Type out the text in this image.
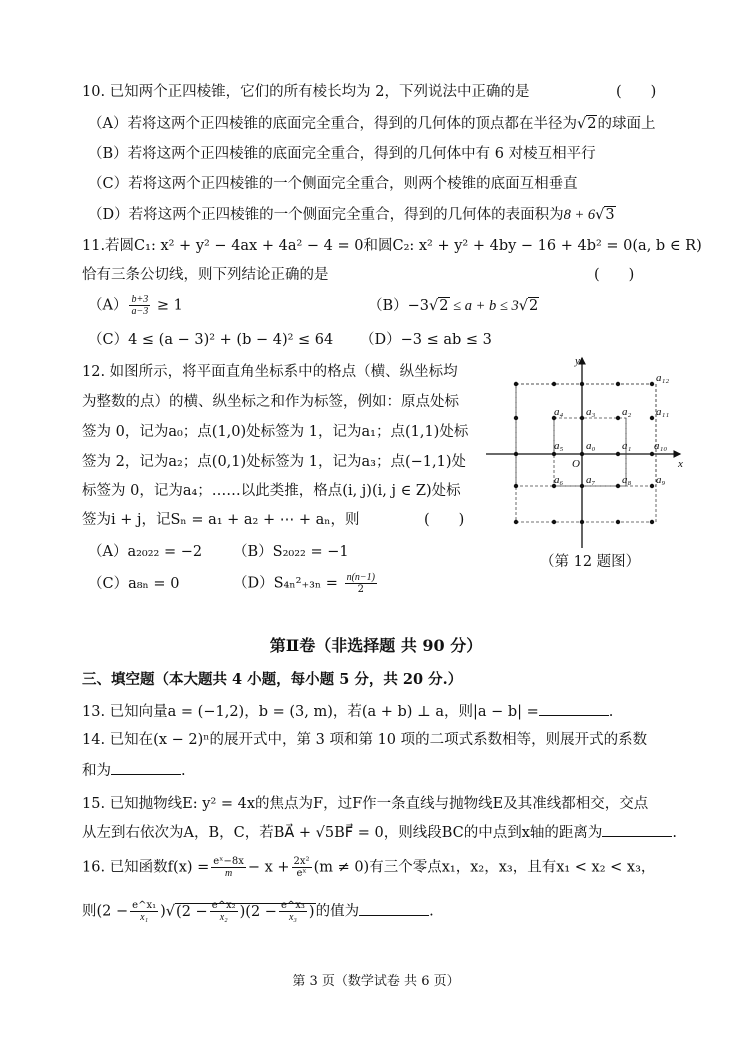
10. 已知两个正四棱锥，它们的所有棱长均为 2，下列说法中正确的是	(　　)
（A）若将这两个正四棱锥的底面完全重合，得到的几何体的顶点都在半径为√2的球面上
（B）若将这两个正四棱锥的底面完全重合，得到的几何体中有 6 对棱互相平行
（C）若将这两个正四棱锥的一个侧面完全重合，则两个棱锥的底面互相垂直
（D）若将这两个正四棱锥的一个侧面完全重合，得到的几何体的表面积为8 + 6√3
11.若圆C₁: x² + y² − 4ax + 4a² − 4 = 0和圆C₂: x² + y² + 4by − 16 + 4b² = 0(a, b ∈ R)
恰有三条公切线，则下列结论正确的是	(　　)
$(A) \frac{b+3}{a-3} \ge 1$	（B）−3√2 ≤ a + b ≤ 3√2
（C）4 ≤ (a − 3)² + (b − 4)² ≤ 64 （D）−3 ≤ ab ≤ 3
12. 如图所示，将平面直角坐标系中的格点（横、纵坐标均
为整数的点）的横、纵坐标之和作为标签，例如：原点处标
签为 0，记为a₀；点(1,0)处标签为 1，记为a₁；点(1,1)处标
签为 2，记为a₂；点(0,1)处标签为 1，记为a₃；点(−1,1)处
标签为 0，记为a₄；……以此类推，格点(i, j)(i, j ∈ Z)处标
签为i + j，记Sₙ = a₁ + a₂ + ⋯ + aₙ，则	(　　)
（A）a₂₀₂₂ = −2 （B）S₂₀₂₂ = −1
（C）a₈ₙ = 0	$(D)S_{4n}^2_{+3n} = \frac{n(n-1)}{2}$
y
x
O
a₀ a₁
a₂
a₃
a₄
a₅
a₆ a₇ a₈ a₉
a₁₀
a₁₁
a₁₂
（第 12 题图）
第Ⅱ卷（非选择题 共 90 分）
三、填空题（本大题共 4 小题，每小题 5 分，共 20 分.）
13. 已知向量a = (−1,2)，b = (3, m)，若(a + b) ⊥ a，则|a − b| =	.
14. 已知在(x − 2)ⁿ的展开式中，第 3 项和第 10 项的二项式系数相等，则展开式的系数
和为	.
15. 已知抛物线E: y² = 4x的焦点为F，过F作一条直线与抛物线E及其准线都相交，交点
从左到右依次为A，B，C，若BA⃗ + √5BF⃗ = 0，则线段BC的中点到x轴的距离为	.
16. 已知函数$f(x) = \frac{\text{eˣ−8x}}{m} - x + \frac{\text{2x²}}{\text{eˣ}} (m \ne 0)$有三个零点x₁，x₂，x₃，且有x₁ < x₂ < x₃，
则$(2 - \frac{\text{e\textasciicircum{}x₁}}{\text{x₁}} )√(2 - \frac{\text{e\textasciicircum{}x₂}}{\text{x₂}} )(2 - \frac{\text{e\textasciicircum{}x₃}}{\text{x₃}}$ )的值为	.
第 3 页（数学试卷 共 6 页）
